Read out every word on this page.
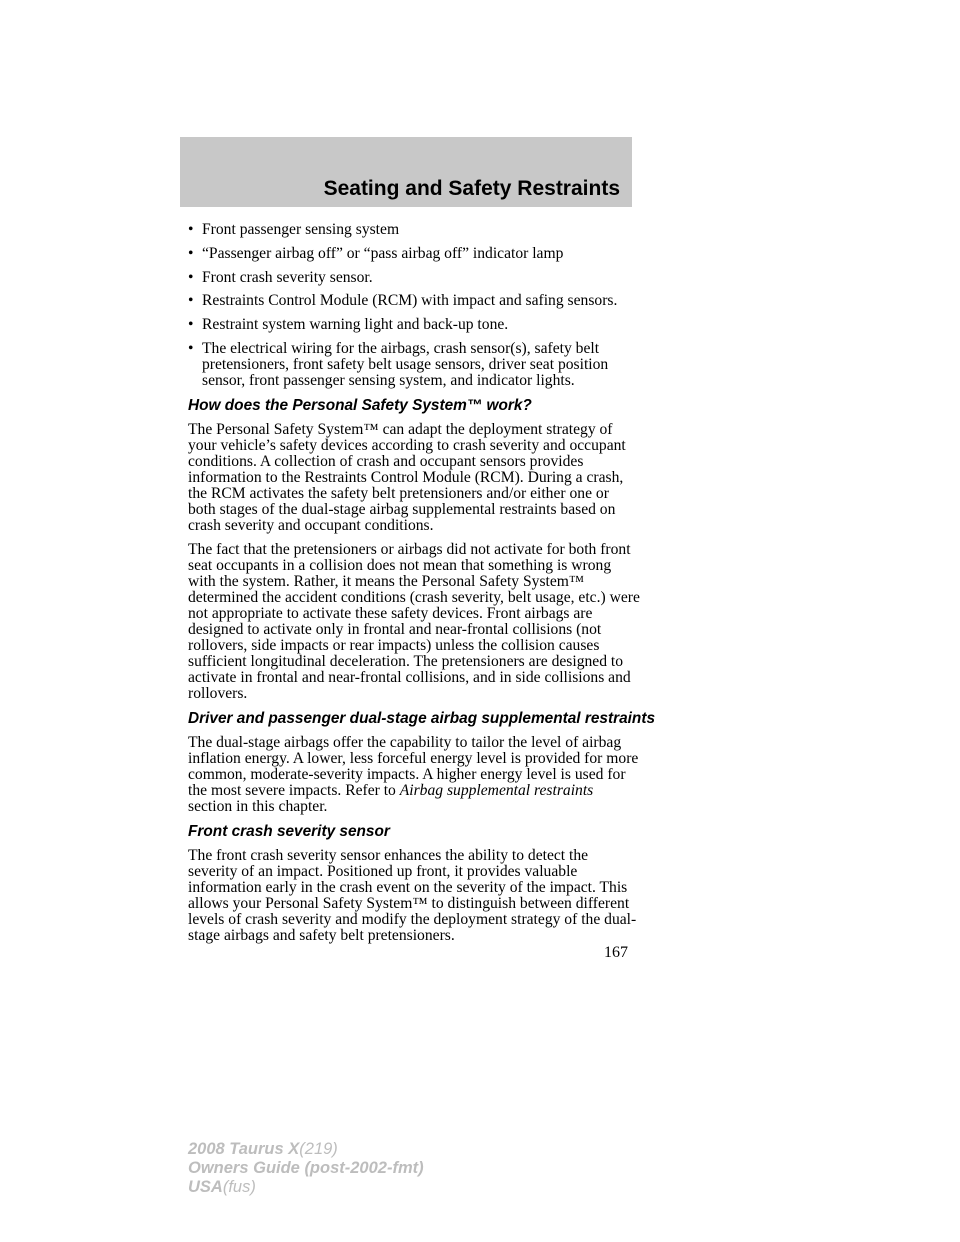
Seating and Safety Restraints
• Front passenger sensing system
• “Passenger airbag off” or “pass airbag off” indicator lamp
• Front crash severity sensor.
• Restraints Control Module (RCM) with impact and safing sensors.
• Restraint system warning light and back-up tone.
• The electrical wiring for the airbags, crash sensor(s), safety belt pretensioners, front safety belt usage sensors, driver seat position sensor, front passenger sensing system, and indicator lights.
How does the Personal Safety System™ work?

The Personal Safety System™ can adapt the deployment strategy of your vehicle’s safety devices according to crash severity and occupant conditions. A collection of crash and occupant sensors provides information to the Restraints Control Module (RCM). During a crash, the RCM activates the safety belt pretensioners and/or either one or both stages of the dual-stage airbag supplemental restraints based on crash severity and occupant conditions.

The fact that the pretensioners or airbags did not activate for both front seat occupants in a collision does not mean that something is wrong with the system. Rather, it means the Personal Safety System™ determined the accident conditions (crash severity, belt usage, etc.) were not appropriate to activate these safety devices. Front airbags are designed to activate only in frontal and near-frontal collisions (not rollovers, side impacts or rear impacts) unless the collision causes sufficient longitudinal deceleration. The pretensioners are designed to activate in frontal and near-frontal collisions, and in side collisions and rollovers.

Driver and passenger dual-stage airbag supplemental restraints

The dual-stage airbags offer the capability to tailor the level of airbag inflation energy. A lower, less forceful energy level is provided for more common, moderate-severity impacts. A higher energy level is used for the most severe impacts. Refer to Airbag supplemental restraints
section in this chapter.

Front crash severity sensor

The front crash severity sensor enhances the ability to detect the severity of an impact. Positioned up front, it provides valuable information early in the crash event on the severity of the impact. This allows your Personal Safety System™ to distinguish between different levels of crash severity and modify the deployment strategy of the dual-stage airbags and safety belt pretensioners.

167
2008 Taurus X(219)
Owners Guide (post-2002-fmt)
USA(fus)
